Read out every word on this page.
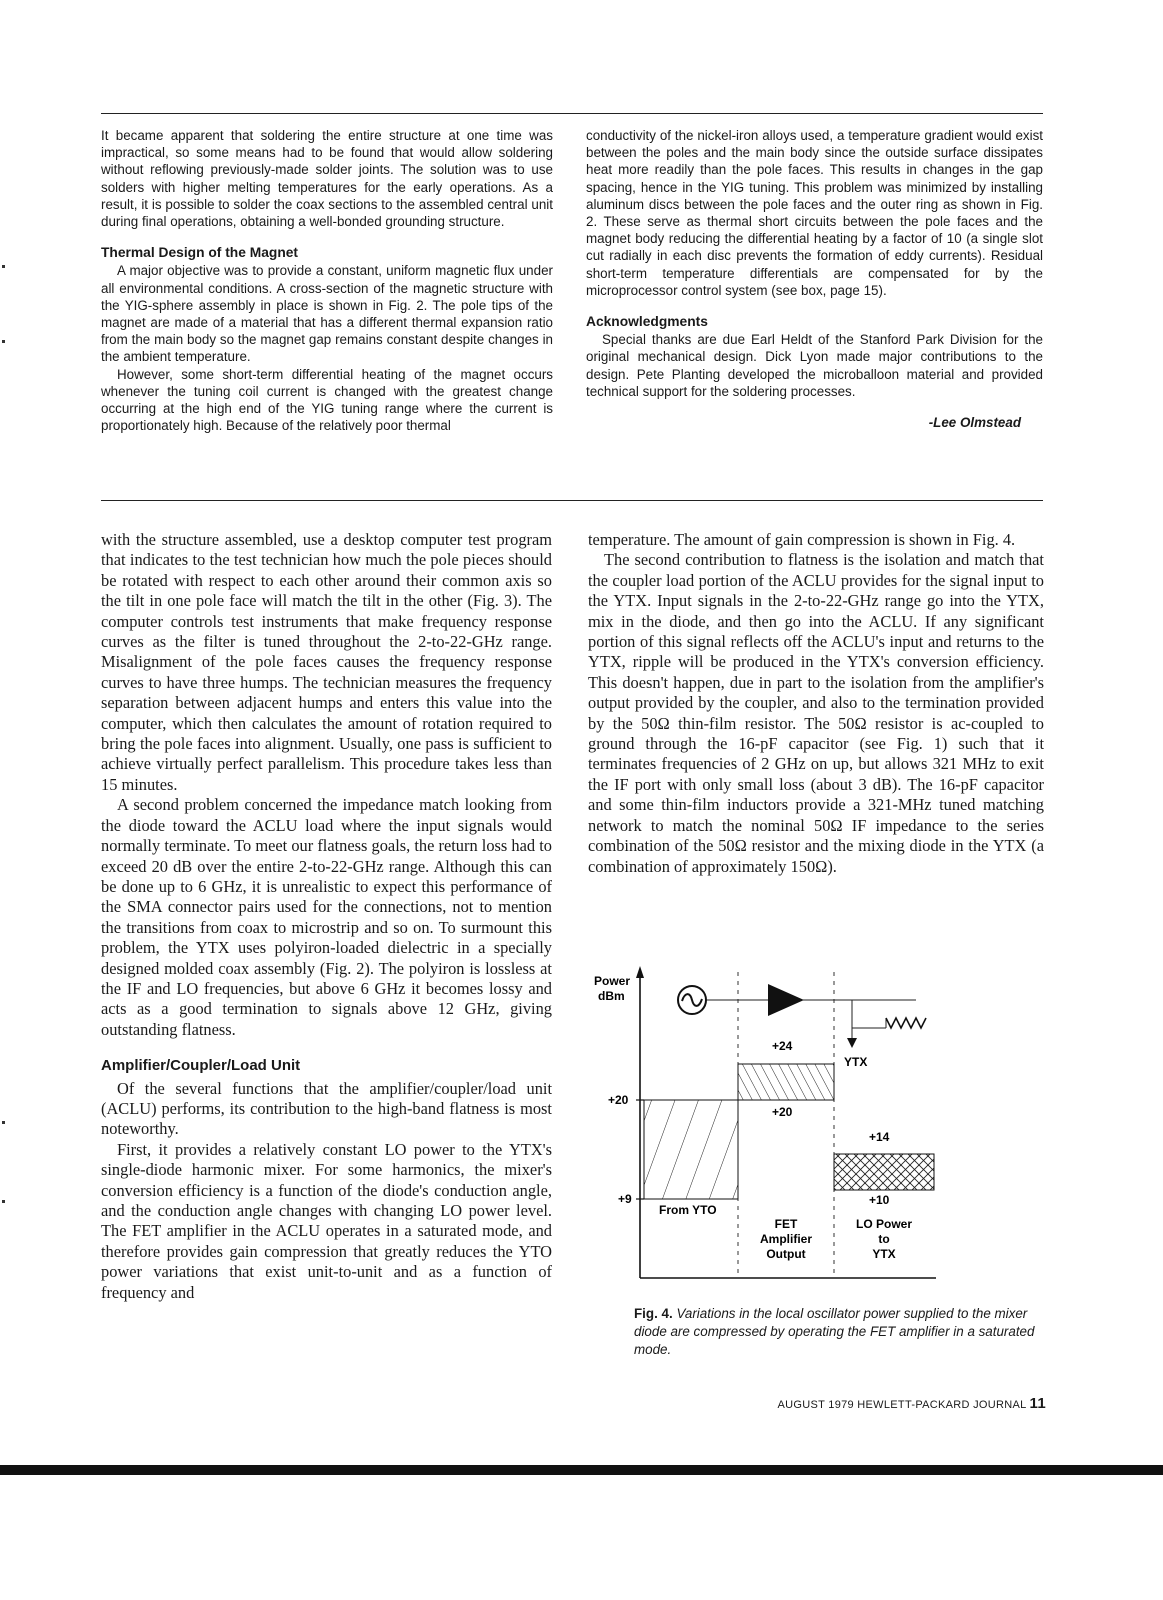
It became apparent that soldering the entire structure at one time was impractical, so some means had to be found that would allow soldering without reflowing previously-made solder joints. The solution was to use solders with higher melting temperatures for the early operations. As a result, it is possible to solder the coax sections to the assembled central unit during final operations, obtaining a well-bonded grounding structure.

Thermal Design of the Magnet

A major objective was to provide a constant, uniform magnetic flux under all environmental conditions. A cross-section of the magnetic structure with the YIG-sphere assembly in place is shown in Fig. 2. The pole tips of the magnet are made of a material that has a different thermal expansion ratio from the main body so the magnet gap remains constant despite changes in the ambient temperature.

However, some short-term differential heating of the magnet occurs whenever the tuning coil current is changed with the greatest change occurring at the high end of the YIG tuning range where the current is proportionately high. Because of the relatively poor thermal

conductivity of the nickel-iron alloys used, a temperature gradient would exist between the poles and the main body since the outside surface dissipates heat more readily than the pole faces. This results in changes in the gap spacing, hence in the YIG tuning. This problem was minimized by installing aluminum discs between the pole faces and the outer ring as shown in Fig. 2. These serve as thermal short circuits between the pole faces and the magnet body reducing the differential heating by a factor of 10 (a single slot cut radially in each disc prevents the formation of eddy currents). Residual short-term temperature differentials are compensated for by the microprocessor control system (see box, page 15).

Acknowledgments

Special thanks are due Earl Heldt of the Stanford Park Division for the original mechanical design. Dick Lyon made major contributions to the design. Pete Planting developed the microballoon material and provided technical support for the soldering processes.

-Lee Olmstead

with the structure assembled, use a desktop computer test program that indicates to the test technician how much the pole pieces should be rotated with respect to each other around their common axis so the tilt in one pole face will match the tilt in the other (Fig. 3). The computer controls test instruments that make frequency response curves as the filter is tuned throughout the 2-to-22-GHz range. Misalignment of the pole faces causes the frequency response curves to have three humps. The technician measures the frequency separation between adjacent humps and enters this value into the computer, which then calculates the amount of rotation required to bring the pole faces into alignment. Usually, one pass is sufficient to achieve virtually perfect parallelism. This procedure takes less than 15 minutes.

A second problem concerned the impedance match looking from the diode toward the ACLU load where the input signals would normally terminate. To meet our flatness goals, the return loss had to exceed 20 dB over the entire 2-to-22-GHz range. Although this can be done up to 6 GHz, it is unrealistic to expect this performance of the SMA connector pairs used for the connections, not to mention the transitions from coax to microstrip and so on. To surmount this problem, the YTX uses polyiron-loaded dielectric in a specially designed molded coax assembly (Fig. 2). The polyiron is lossless at the IF and LO frequencies, but above 6 GHz it becomes lossy and acts as a good termination to signals above 12 GHz, giving outstanding flatness.

Amplifier/Coupler/Load Unit

Of the several functions that the amplifier/coupler/load unit (ACLU) performs, its contribution to the high-band flatness is most noteworthy.

First, it provides a relatively constant LO power to the YTX's single-diode harmonic mixer. For some harmonics, the mixer's conversion efficiency is a function of the diode's conduction angle, and the conduction angle changes with changing LO power level. The FET amplifier in the ACLU operates in a saturated mode, and therefore provides gain compression that greatly reduces the YTO power variations that exist unit-to-unit and as a function of frequency and

temperature. The amount of gain compression is shown in Fig. 4.

The second contribution to flatness is the isolation and match that the coupler load portion of the ACLU provides for the signal input to the YTX. Input signals in the 2-to-22-GHz range go into the YTX, mix in the diode, and then go into the ACLU. If any significant portion of this signal reflects off the ACLU's input and returns to the YTX, ripple will be produced in the YTX's conversion efficiency. This doesn't happen, due in part to the isolation from the amplifier's output provided by the coupler, and also to the termination provided by the 50Ω thin-film resistor. The 50Ω resistor is ac-coupled to ground through the 16-pF capacitor (see Fig. 1) such that it terminates frequencies of 2 GHz on up, but allows 321 MHz to exit the IF port with only small loss (about 3 dB). The 16-pF capacitor and some thin-film inductors provide a 321-MHz tuned matching network to match the nominal 50Ω IF impedance to the series combination of the 50Ω resistor and the mixing diode in the YTX (a combination of approximately 150Ω).

Power
dBm
+20
+9
YTX
+24
+20
+14
+10
From YTO
FET
Amplifier
Output
LO Power
to
YTX
Fig. 4. Variations in the local oscillator power supplied to the mixer diode are compressed by operating the FET amplifier in a saturated mode.
AUGUST 1979 HEWLETT-PACKARD JOURNAL 11
